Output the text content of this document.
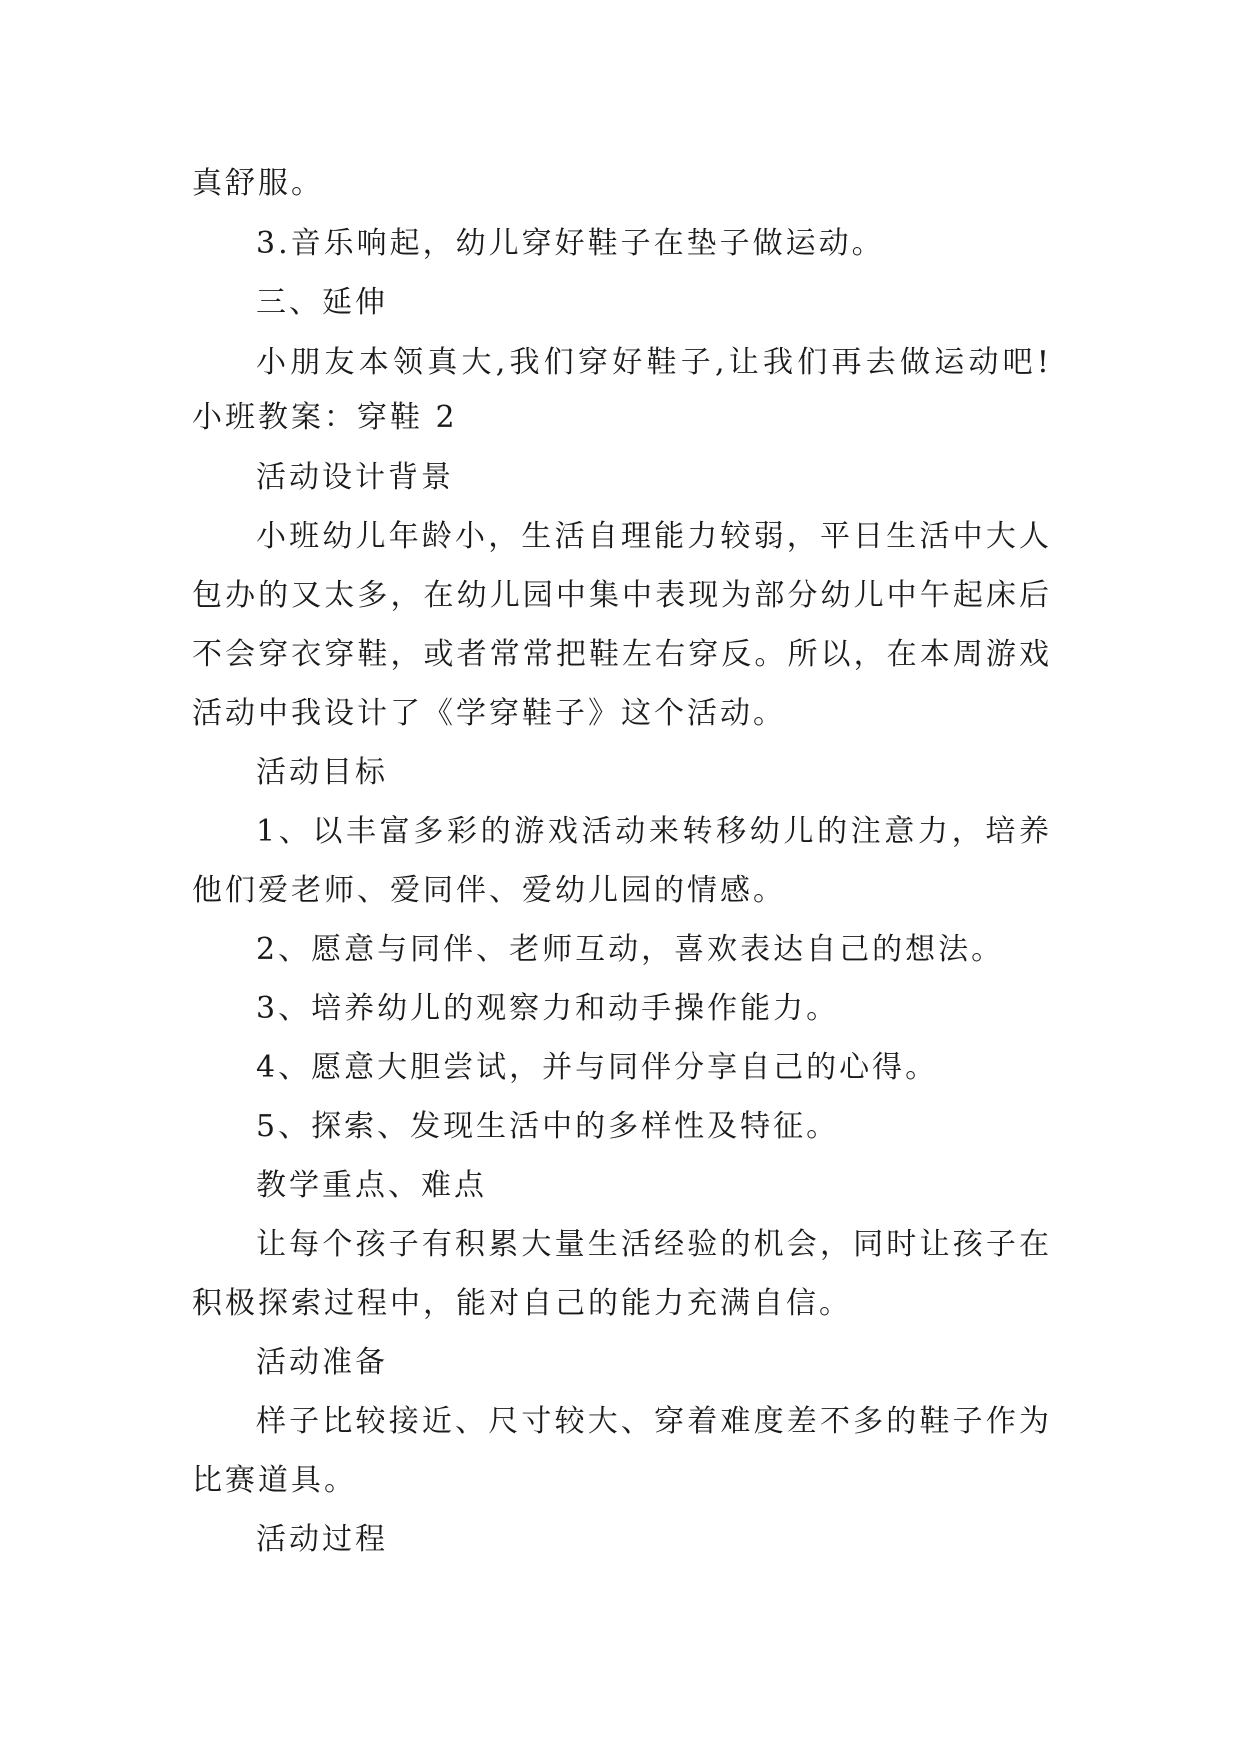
真舒服。
3.音乐响起，幼儿穿好鞋子在垫子做运动。
三、延伸
小朋友本领真大,我们穿好鞋子,让我们再去做运动吧!
小班教案：穿鞋 2
活动设计背景
小班幼儿年龄小，生活自理能力较弱，平日生活中大人
包办的又太多，在幼儿园中集中表现为部分幼儿中午起床后
不会穿衣穿鞋，或者常常把鞋左右穿反。所以，在本周游戏
活动中我设计了《学穿鞋子》这个活动。
活动目标
1、以丰富多彩的游戏活动来转移幼儿的注意力，培养
他们爱老师、爱同伴、爱幼儿园的情感。
2、愿意与同伴、老师互动，喜欢表达自己的想法。
3、培养幼儿的观察力和动手操作能力。
4、愿意大胆尝试，并与同伴分享自己的心得。
5、探索、发现生活中的多样性及特征。
教学重点、难点
让每个孩子有积累大量生活经验的机会，同时让孩子在
积极探索过程中，能对自己的能力充满自信。
活动准备
样子比较接近、尺寸较大、穿着难度差不多的鞋子作为
比赛道具。
活动过程
